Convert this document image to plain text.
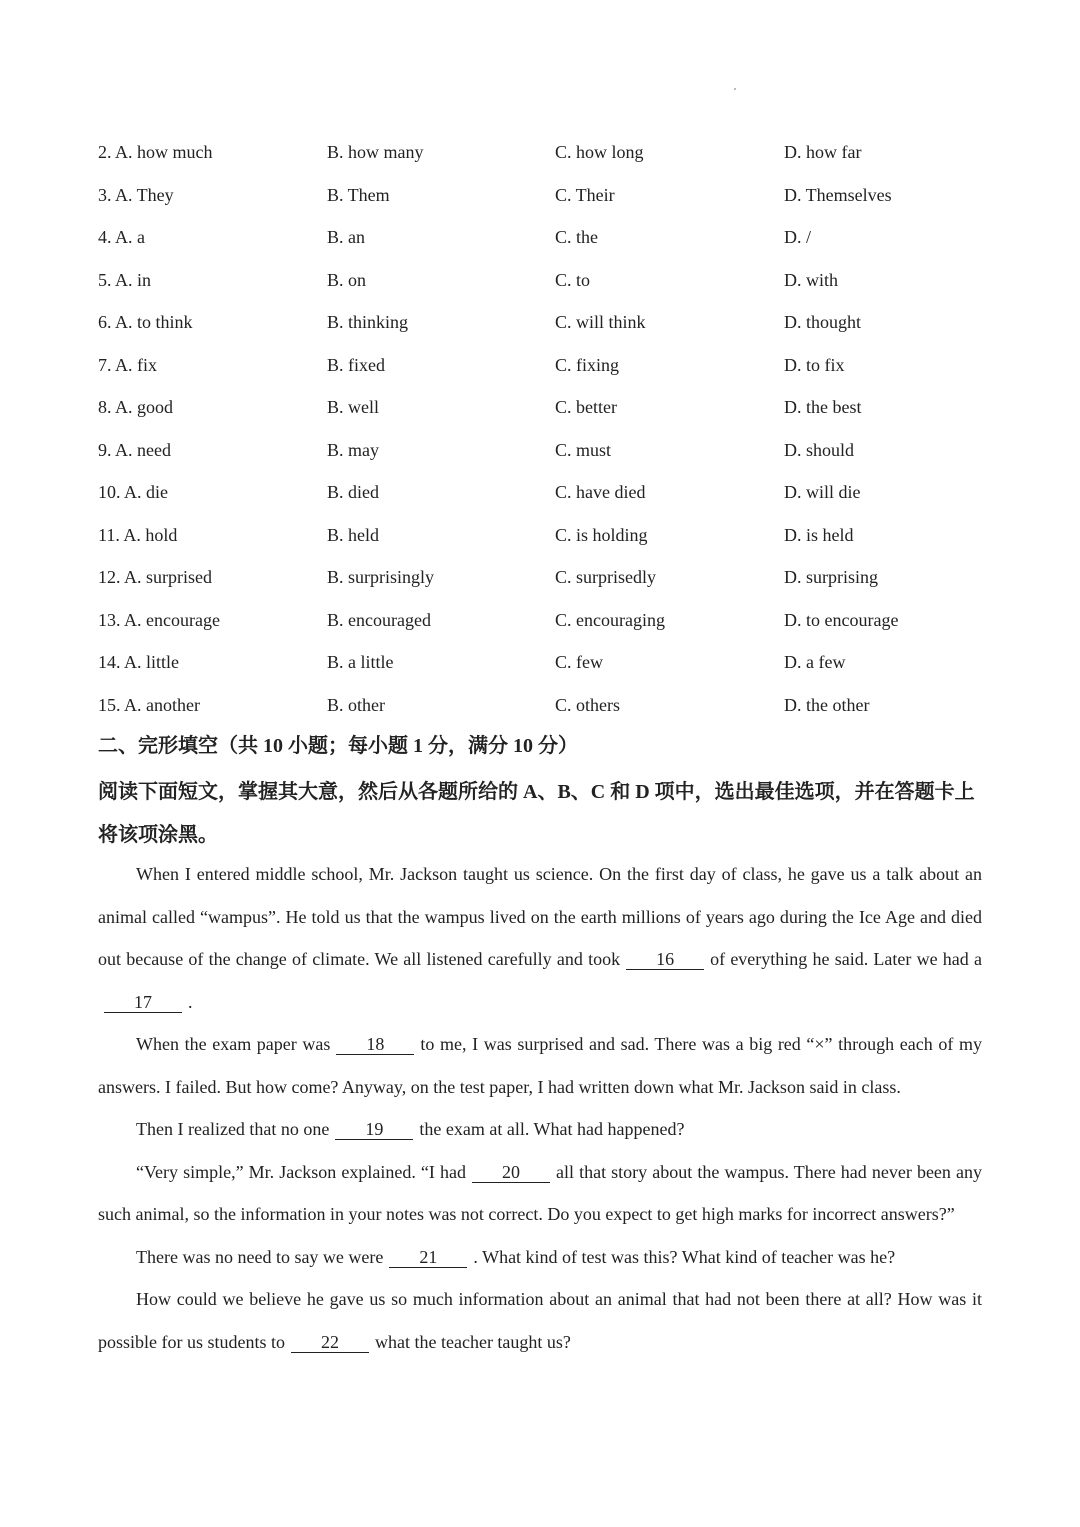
2. A. how much	B. how many	C. how long	D. how far
3. A. They	B. Them	C. Their	D. Themselves
4. A. a	B. an	C. the	D. /
5. A. in	B. on	C. to	D. with
6. A. to think	B. thinking	C. will think	D. thought
7. A. fix	B. fixed	C. fixing	D. to fix
8. A. good	B. well	C. better	D. the best
9. A. need	B. may	C. must	D. should
10. A. die	B. died	C. have died	D. will die
11. A. hold	B. held	C. is holding	D. is held
12. A. surprised	B. surprisingly	C. surprisedly	D. surprising
13. A. encourage	B. encouraged	C. encouraging	D. to encourage
14. A. little	B. a little	C. few	D. a few
15. A. another	B. other	C. others	D. the other
二、完形填空（共 10 小题；每小题 1 分，满分 10 分）
阅读下面短文，掌握其大意，然后从各题所给的 A、B、C 和 D 项中，选出最佳选项，并在答题卡上将该项涂黑。

When I entered middle school, Mr. Jackson taught us science. On the first day of class, he gave us a talk about an animal called “wampus”. He told us that the wampus lived on the earth millions of years ago during the Ice Age and died out because of the change of climate. We all listened carefully and took 16 of everything he said. Later we had a17 .

When the exam paper was 18 to me, I was surprised and sad. There was a big red “×” through each of my answers. I failed. But how come? Anyway, on the test paper, I had written down what Mr. Jackson said in class.

Then I realized that no one 19 the exam at all. What had happened?

“Very simple,” Mr. Jackson explained. “I had 20 all that story about the wampus. There had never been any such animal, so the information in your notes was not correct. Do you expect to get high marks for incorrect answers?”

There was no need to say we were 21 . What kind of test was this? What kind of teacher was he?

How could we believe he gave us so much information about an animal that had not been there at all? How was it possible for us students to 22 what the teacher taught us?
